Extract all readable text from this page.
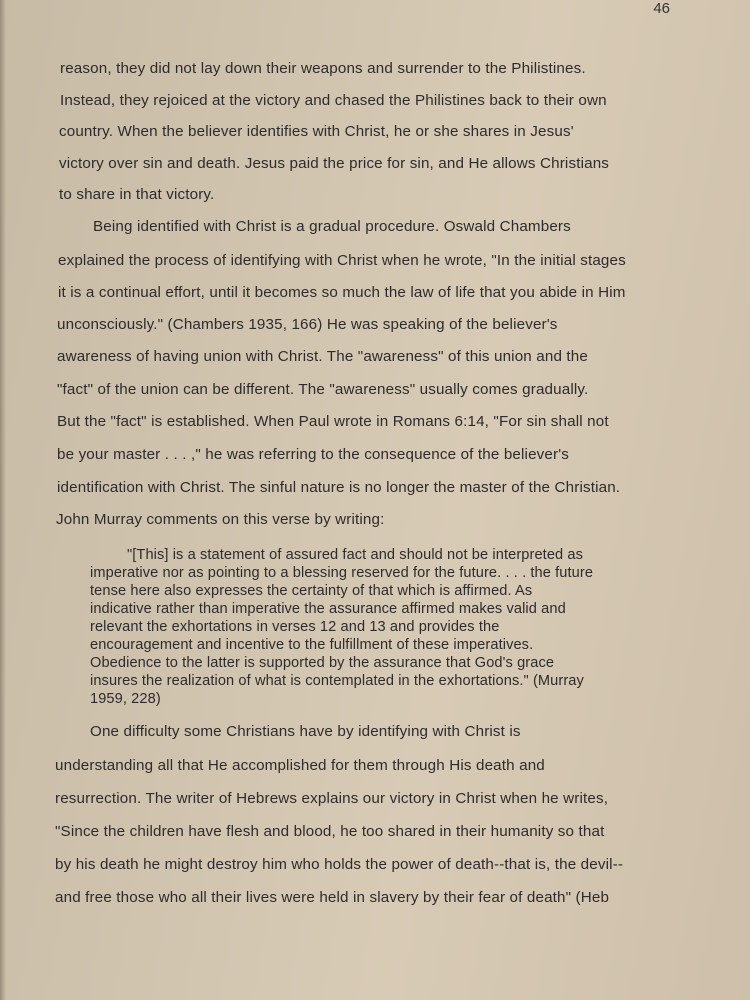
46
reason, they did not lay down their weapons and surrender to the Philistines.
Instead, they rejoiced at the victory and chased the Philistines back to their own
country. When the believer identifies with Christ, he or she shares in Jesus'
victory over sin and death. Jesus paid the price for sin, and He allows Christians
to share in that victory.
Being identified with Christ is a gradual procedure. Oswald Chambers
explained the process of identifying with Christ when he wrote, "In the initial stages
it is a continual effort, until it becomes so much the law of life that you abide in Him
unconsciously." (Chambers 1935, 166) He was speaking of the believer's
awareness of having union with Christ. The "awareness" of this union and the
"fact" of the union can be different. The "awareness" usually comes gradually.
But the "fact" is established. When Paul wrote in Romans 6:14, "For sin shall not
be your master . . . ," he was referring to the consequence of the believer's
identification with Christ. The sinful nature is no longer the master of the Christian.
John Murray comments on this verse by writing:
"[This] is a statement of assured fact and should not be interpreted as
imperative nor as pointing to a blessing reserved for the future. . . . the future
tense here also expresses the certainty of that which is affirmed. As
indicative rather than imperative the assurance affirmed makes valid and
relevant the exhortations in verses 12 and 13 and provides the
encouragement and incentive to the fulfillment of these imperatives.
Obedience to the latter is supported by the assurance that God's grace
insures the realization of what is contemplated in the exhortations." (Murray
1959, 228)
One difficulty some Christians have by identifying with Christ is
understanding all that He accomplished for them through His death and
resurrection. The writer of Hebrews explains our victory in Christ when he writes,
"Since the children have flesh and blood, he too shared in their humanity so that
by his death he might destroy him who holds the power of death--that is, the devil--
and free those who all their lives were held in slavery by their fear of death" (Heb
